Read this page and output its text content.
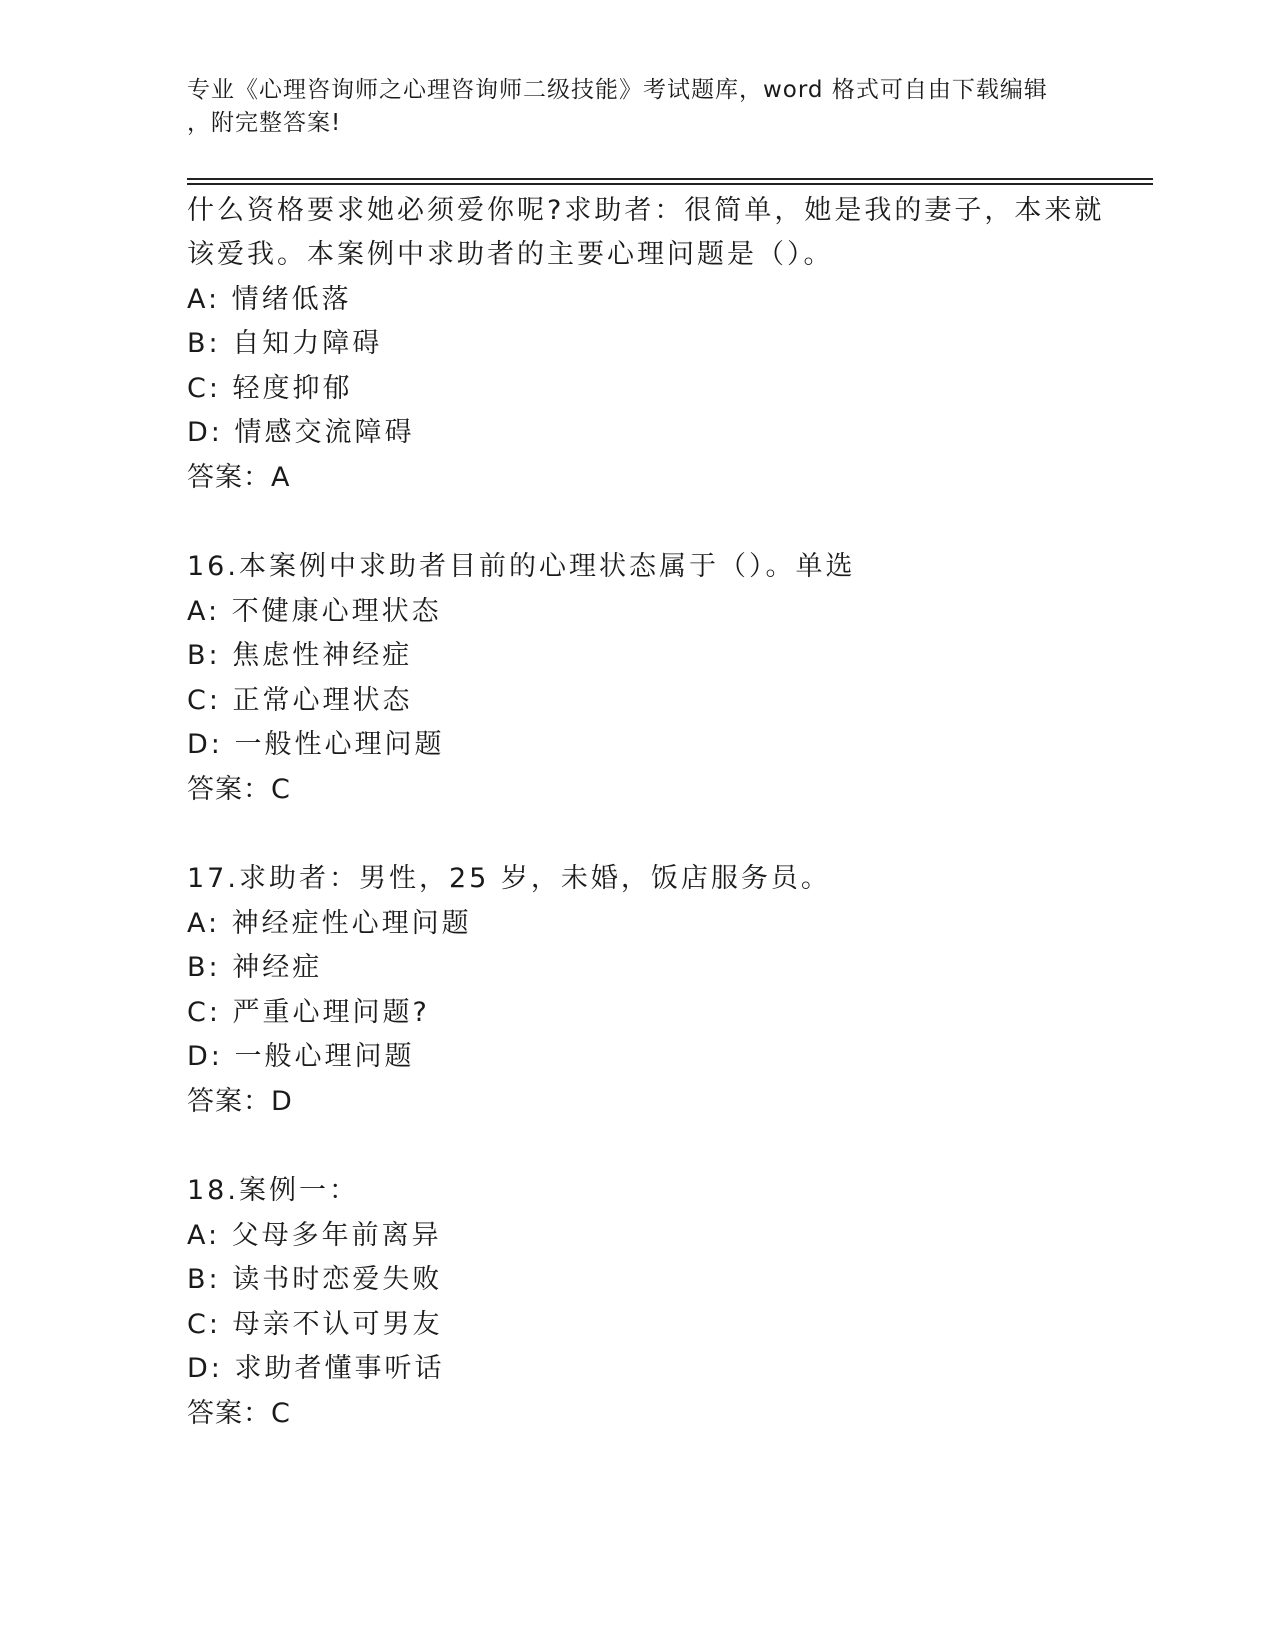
专业《心理咨询师之心理咨询师二级技能》考试题库，word 格式可自由下载编辑
，附完整答案!
什么资格要求她必须爱你呢?求助者：很简单，她是我的妻子，本来就
该爱我。本案例中求助者的主要心理问题是（）。
A: 情绪低落
B: 自知力障碍
C: 轻度抑郁
D: 情感交流障碍
答案：A
16.本案例中求助者目前的心理状态属于（）。单选
A: 不健康心理状态
B: 焦虑性神经症
C: 正常心理状态
D: 一般性心理问题
答案：C
17.求助者：男性，25 岁，未婚，饭店服务员。
A: 神经症性心理问题
B: 神经症
C: 严重心理问题?
D: 一般心理问题
答案：D
18.案例一：
A: 父母多年前离异
B: 读书时恋爱失败
C: 母亲不认可男友
D: 求助者懂事听话
答案：C
